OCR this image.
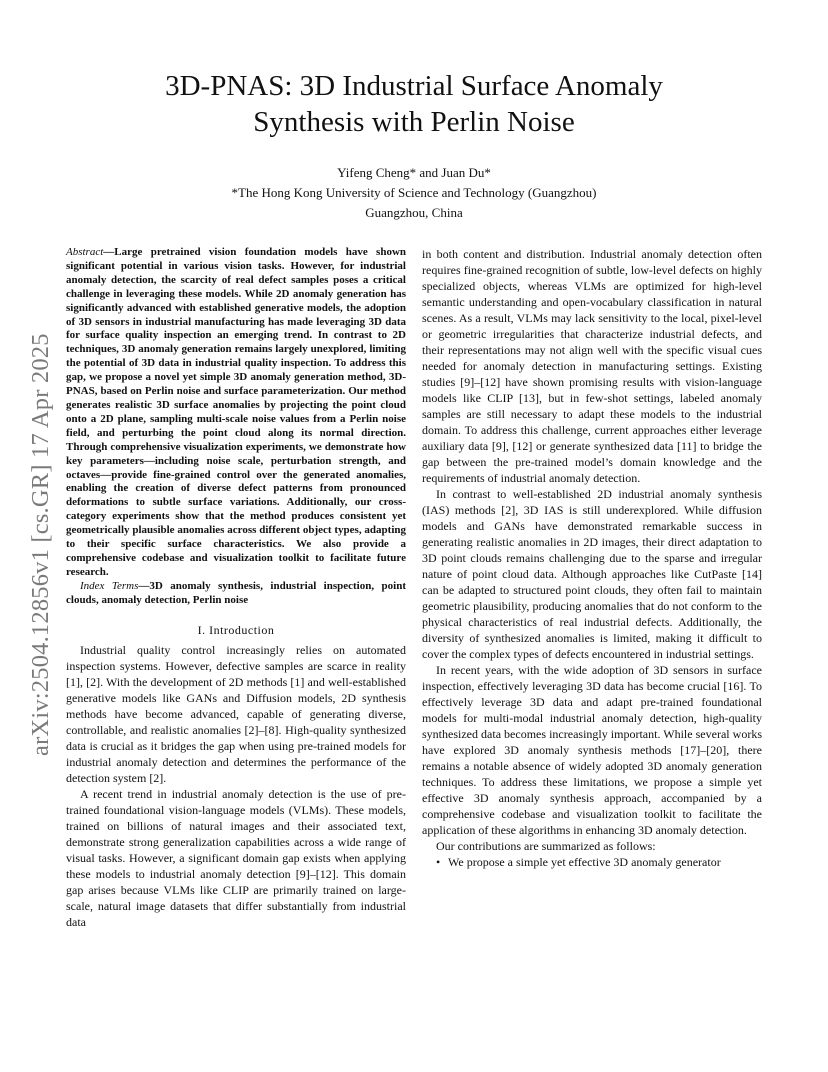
3D-PNAS: 3D Industrial Surface Anomaly
Synthesis with Perlin Noise
Yifeng Cheng* and Juan Du*
*The Hong Kong University of Science and Technology (Guangzhou)
Guangzhou, China
arXiv:2504.12856v1 [cs.GR] 17 Apr 2025

Abstract—Large pretrained vision foundation models have shown significant potential in various vision tasks. However, for industrial anomaly detection, the scarcity of real defect samples poses a critical challenge in leveraging these models. While 2D anomaly generation has significantly advanced with established generative models, the adoption of 3D sensors in industrial manufacturing has made leveraging 3D data for surface quality inspection an emerging trend. In contrast to 2D techniques, 3D anomaly generation remains largely unexplored, limiting the potential of 3D data in industrial quality inspection. To address this gap, we propose a novel yet simple 3D anomaly generation method, 3D-PNAS, based on Perlin noise and surface parameterization. Our method generates realistic 3D surface anomalies by projecting the point cloud onto a 2D plane, sampling multi-scale noise values from a Perlin noise field, and perturbing the point cloud along its normal direction. Through comprehensive visualization experiments, we demonstrate how key parameters—including noise scale, perturbation strength, and octaves—provide fine-grained control over the generated anomalies, enabling the creation of diverse defect patterns from pronounced deformations to subtle surface variations. Additionally, our cross-category experiments show that the method produces consistent yet geometrically plausible anomalies across different object types, adapting to their specific surface characteristics. We also provide a comprehensive codebase and visualization toolkit to facilitate future research.

Index Terms—3D anomaly synthesis, industrial inspection, point clouds, anomaly detection, Perlin noise

I. Introduction

Industrial quality control increasingly relies on automated inspection systems. However, defective samples are scarce in reality [1], [2]. With the development of 2D methods [1] and well-established generative models like GANs and Diffusion models, 2D synthesis methods have become advanced, capable of generating diverse, controllable, and realistic anomalies [2]–[8]. High-quality synthesized data is crucial as it bridges the gap when using pre-trained models for industrial anomaly detection and determines the performance of the detection system [2].

A recent trend in industrial anomaly detection is the use of pre-trained foundational vision-language models (VLMs). These models, trained on billions of natural images and their associated text, demonstrate strong generalization capabilities across a wide range of visual tasks. However, a significant domain gap exists when applying these models to industrial anomaly detection [9]–[12]. This domain gap arises because VLMs like CLIP are primarily trained on large-scale, natural image datasets that differ substantially from industrial data

in both content and distribution. Industrial anomaly detection often requires fine-grained recognition of subtle, low-level defects on highly specialized objects, whereas VLMs are optimized for high-level semantic understanding and open-vocabulary classification in natural scenes. As a result, VLMs may lack sensitivity to the local, pixel-level or geometric irregularities that characterize industrial defects, and their representations may not align well with the specific visual cues needed for anomaly detection in manufacturing settings. Existing studies [9]–[12] have shown promising results with vision-language models like CLIP [13], but in few-shot settings, labeled anomaly samples are still necessary to adapt these models to the industrial domain. To address this challenge, current approaches either leverage auxiliary data [9], [12] or generate synthesized data [11] to bridge the gap between the pre-trained model’s domain knowledge and the requirements of industrial anomaly detection.

In contrast to well-established 2D industrial anomaly synthesis (IAS) methods [2], 3D IAS is still underexplored. While diffusion models and GANs have demonstrated remarkable success in generating realistic anomalies in 2D images, their direct adaptation to 3D point clouds remains challenging due to the sparse and irregular nature of point cloud data. Although approaches like CutPaste [14] can be adapted to structured point clouds, they often fail to maintain geometric plausibility, producing anomalies that do not conform to the physical characteristics of real industrial defects. Additionally, the diversity of synthesized anomalies is limited, making it difficult to cover the complex types of defects encountered in industrial settings.

In recent years, with the wide adoption of 3D sensors in surface inspection, effectively leveraging 3D data has become crucial [16]. To effectively leverage 3D data and adapt pre-trained foundational models for multi-modal industrial anomaly detection, high-quality synthesized data becomes increasingly important. While several works have explored 3D anomaly synthesis methods [17]–[20], there remains a notable absence of widely adopted 3D anomaly generation techniques. To address these limitations, we propose a simple yet effective 3D anomaly synthesis approach, accompanied by a comprehensive codebase and visualization toolkit to facilitate the application of these algorithms in enhancing 3D anomaly detection.

Our contributions are summarized as follows:

• We propose a simple yet effective 3D anomaly generator
